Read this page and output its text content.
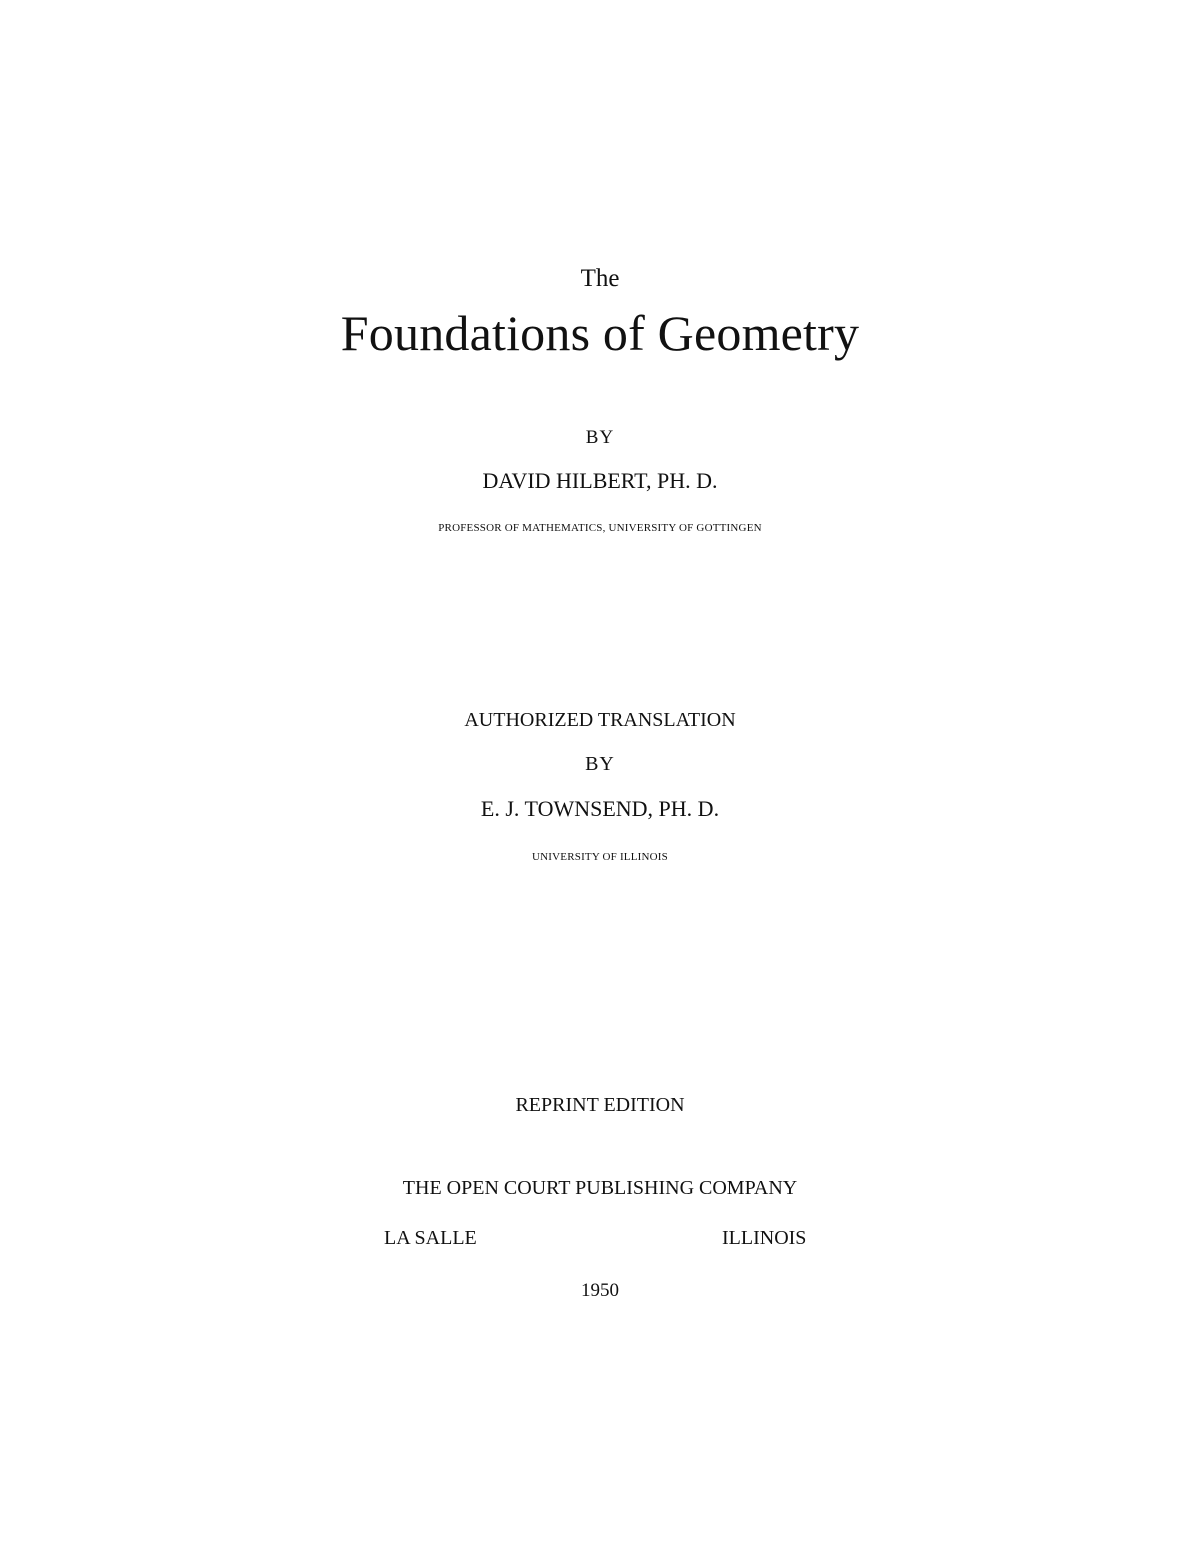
The
Foundations of Geometry
BY
DAVID HILBERT, PH. D.
PROFESSOR OF MATHEMATICS, UNIVERSITY OF GOTTINGEN
AUTHORIZED TRANSLATION
BY
E. J. TOWNSEND, PH. D.
UNIVERSITY OF ILLINOIS
REPRINT EDITION
THE OPEN COURT PUBLISHING COMPANY
LA SALLE	ILLINOIS
1950
